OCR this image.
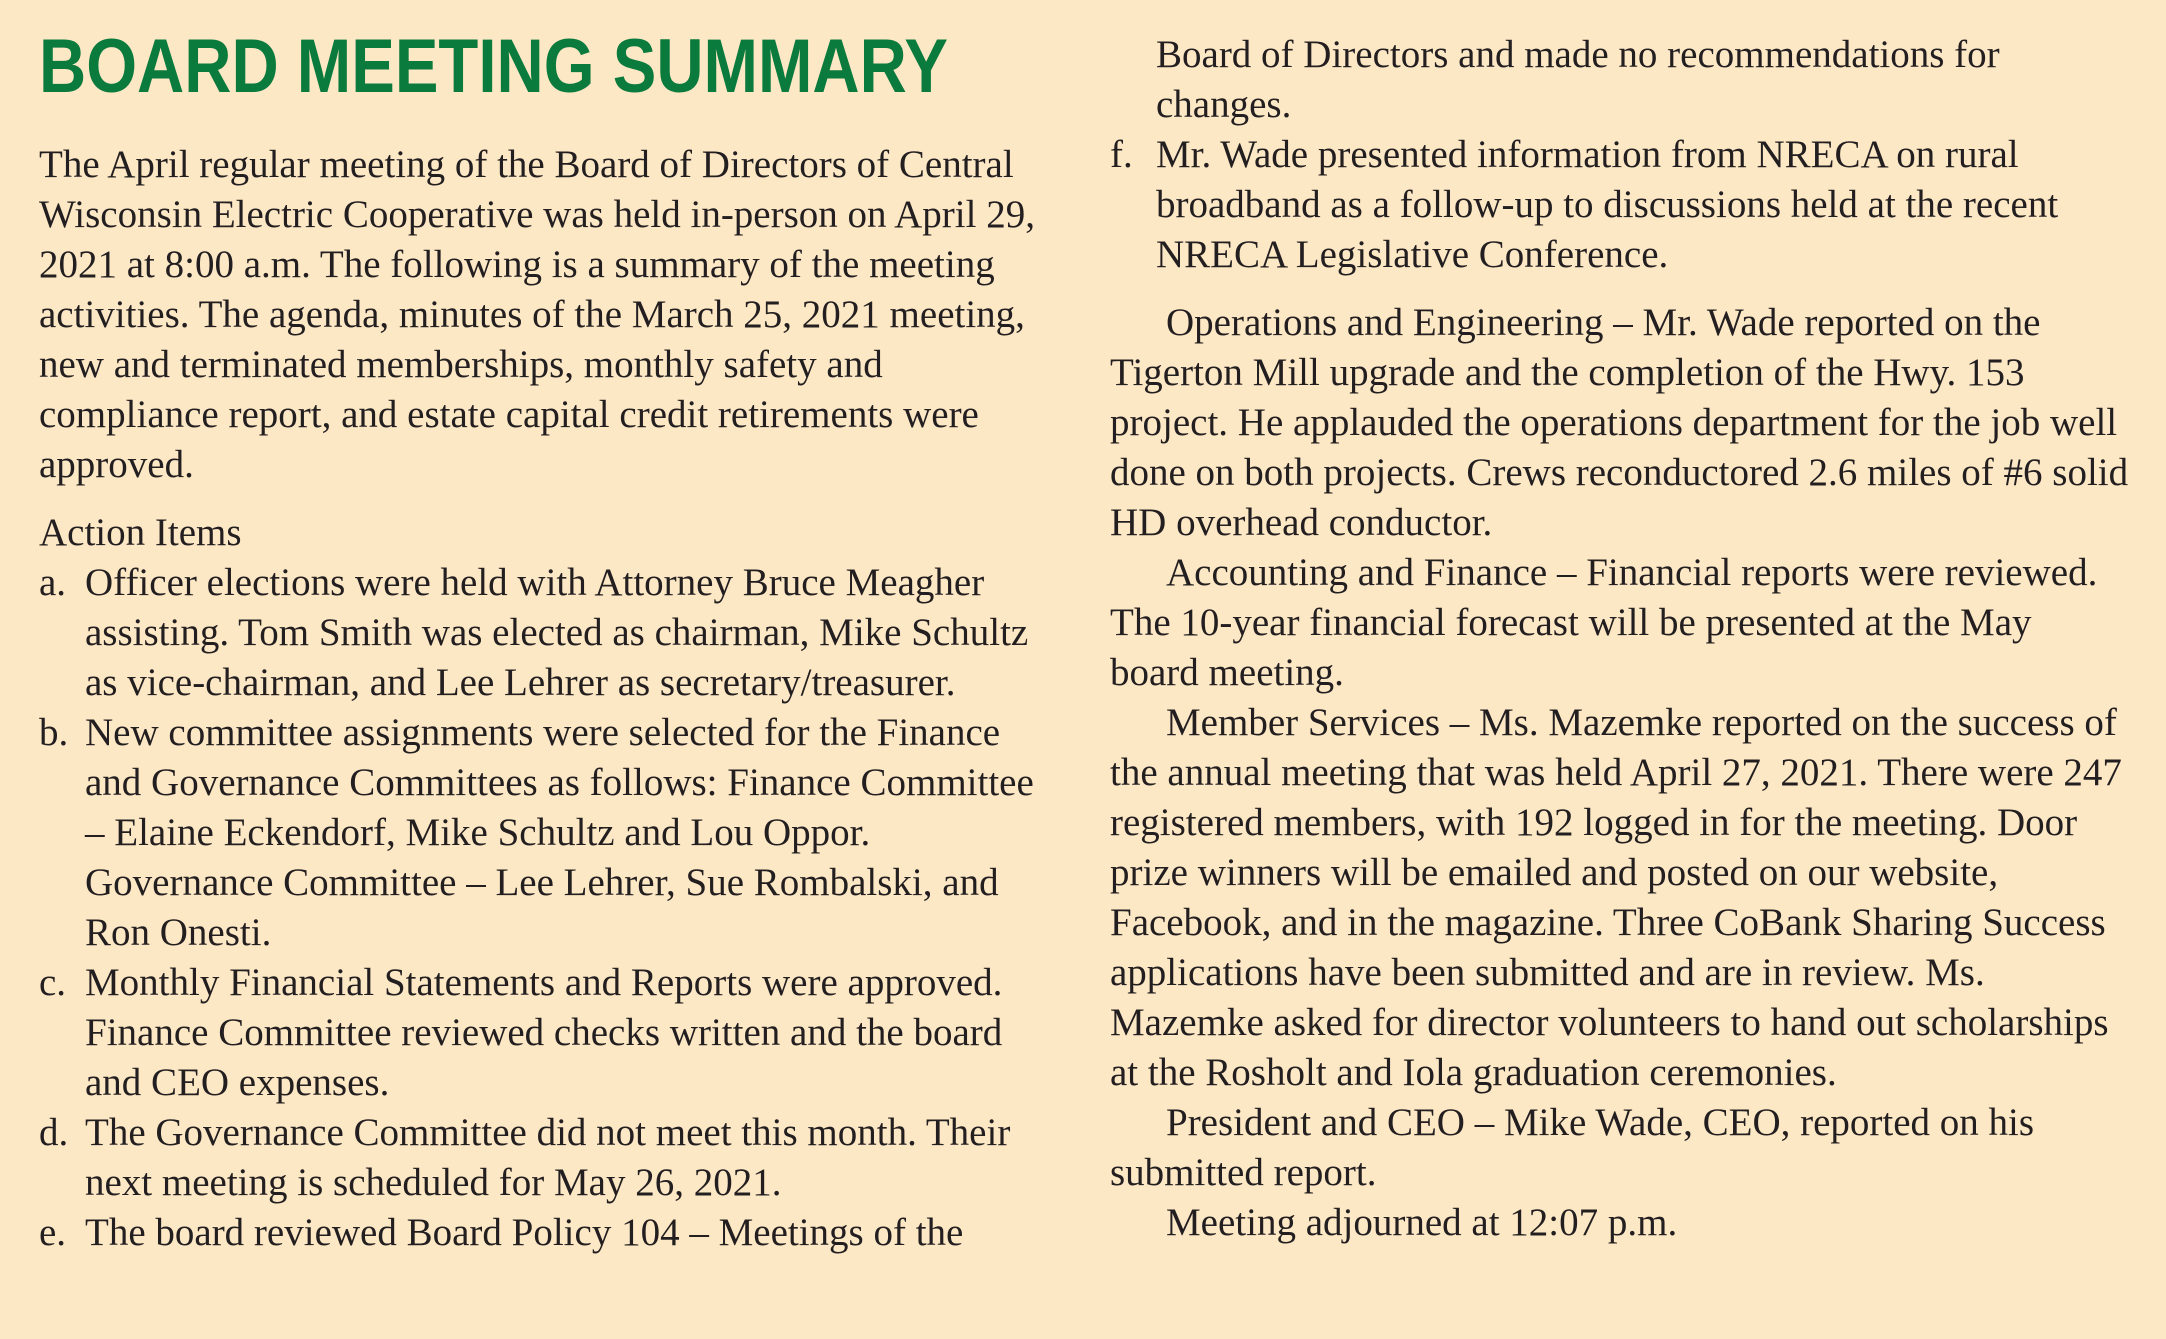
BOARD MEETING SUMMARY

The April regular meeting of the Board of Directors of Central Wisconsin Electric Cooperative was held in-person on April 29, 2021 at 8:00 a.m. The following is a summary of the meeting activities. The agenda, minutes of the March 25, 2021 meeting, new and terminated memberships, monthly safety and compliance report, and estate capital credit retirements were approved.

Action Items

a. Officer elections were held with Attorney Bruce Meagher assisting. Tom Smith was elected as chairman, Mike Schultz as vice-chairman, and Lee Lehrer as secretary/treasurer.
b. New committee assignments were selected for the Finance and Governance Committees as follows: Finance Committee – Elaine Eckendorf, Mike Schultz and Lou Oppor. Governance Committee – Lee Lehrer, Sue Rombalski, and Ron Onesti.
c. Monthly Financial Statements and Reports were approved. Finance Committee reviewed checks written and the board and CEO expenses.
d. The Governance Committee did not meet this month. Their next meeting is scheduled for May 26, 2021.
e. The board reviewed Board Policy 104 – Meetings of the

Board of Directors and made no recommendations for changes.

f. Mr. Wade presented information from NRECA on rural broadband as a follow-up to discussions held at the recent NRECA Legislative Conference.

Operations and Engineering – Mr. Wade reported on the Tigerton Mill upgrade and the completion of the Hwy. 153 project. He applauded the operations department for the job well done on both projects. Crews reconductored 2.6 miles of #6 solid HD overhead conductor.

Accounting and Finance – Financial reports were reviewed. The 10-year financial forecast will be presented at the May board meeting.

Member Services – Ms. Mazemke reported on the success of the annual meeting that was held April 27, 2021. There were 247 registered members, with 192 logged in for the meeting. Door prize winners will be emailed and posted on our website, Facebook, and in the magazine. Three CoBank Sharing Success applications have been submitted and are in review. Ms. Mazemke asked for director volunteers to hand out scholarships at the Rosholt and Iola graduation ceremonies.

President and CEO – Mike Wade, CEO, reported on his submitted report.

Meeting adjourned at 12:07 p.m.
